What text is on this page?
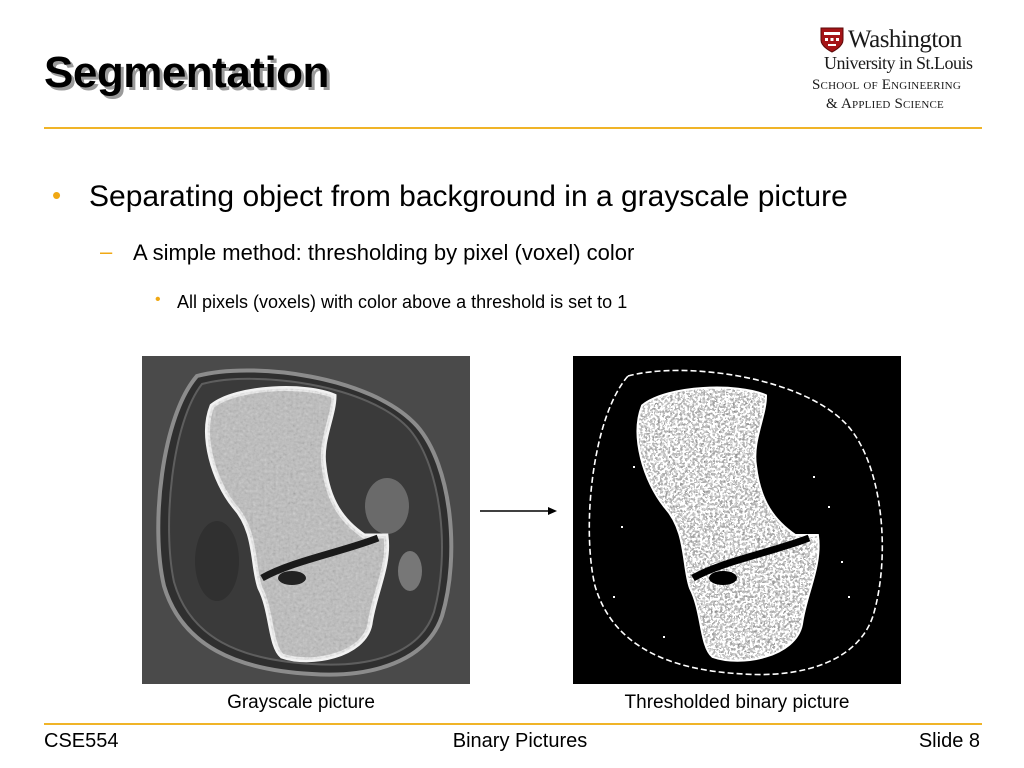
Segmentation
Washington
University in St.Louis
School of Engineering
& Applied Science
• Separating object from background in a grayscale picture
– A simple method: thresholding by pixel (voxel) color
• All pixels (voxels) with color above a threshold is set to 1
Grayscale picture	Thresholded binary picture
CSE554	Binary Pictures	Slide 8
